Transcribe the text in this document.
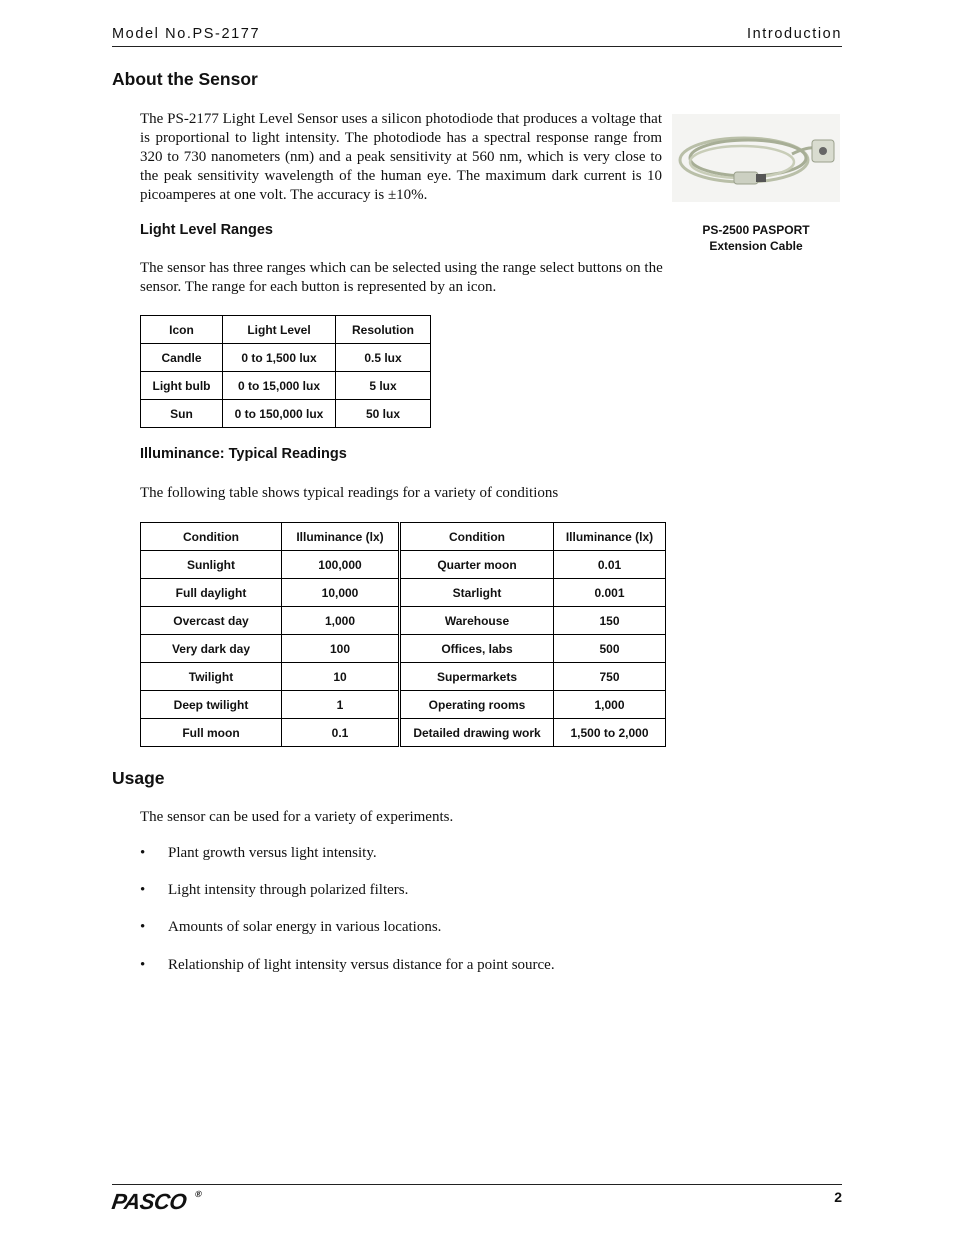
Model No.PS-2177	Introduction
About the Sensor

The PS-2177 Light Level Sensor uses a silicon photodiode that produces a voltage that is proportional to light intensity. The photodiode has a spectral response range from 320 to 730 nanometers (nm) and a peak sensitivity at 560 nm, which is very close to the peak sensitivity wavelength of the human eye. The maximum dark current is 10 picoamperes at one volt. The accuracy is ±10%.

PS-2500 PASPORT
Extension Cable
Light Level Ranges

The sensor has three ranges which can be selected using the range select buttons on the sensor. The range for each button is represented by an icon.

Icon	Light Level	Resolution
Candle	0 to 1,500 lux	0.5 lux
Light bulb	0 to 15,000 lux	5 lux
Sun	0 to 150,000 lux	50 lux
Illuminance: Typical Readings

The following table shows typical readings for a variety of conditions

Condition	Illuminance (lx)	Condition	Illuminance (lx)
Sunlight	100,000	Quarter moon	0.01
Full daylight	10,000	Starlight	0.001
Overcast day	1,000	Warehouse	150
Very dark day	100	Offices, labs	500
Twilight	10	Supermarkets	750
Deep twilight	1	Operating rooms	1,000
Full moon	0.1	Detailed drawing work	1,500 to 2,000
Usage

The sensor can be used for a variety of experiments.

• Plant growth versus light intensity.
• Light intensity through polarized filters.
• Amounts of solar energy in various locations.
• Relationship of light intensity versus distance for a point source.
PASCO ®	2
